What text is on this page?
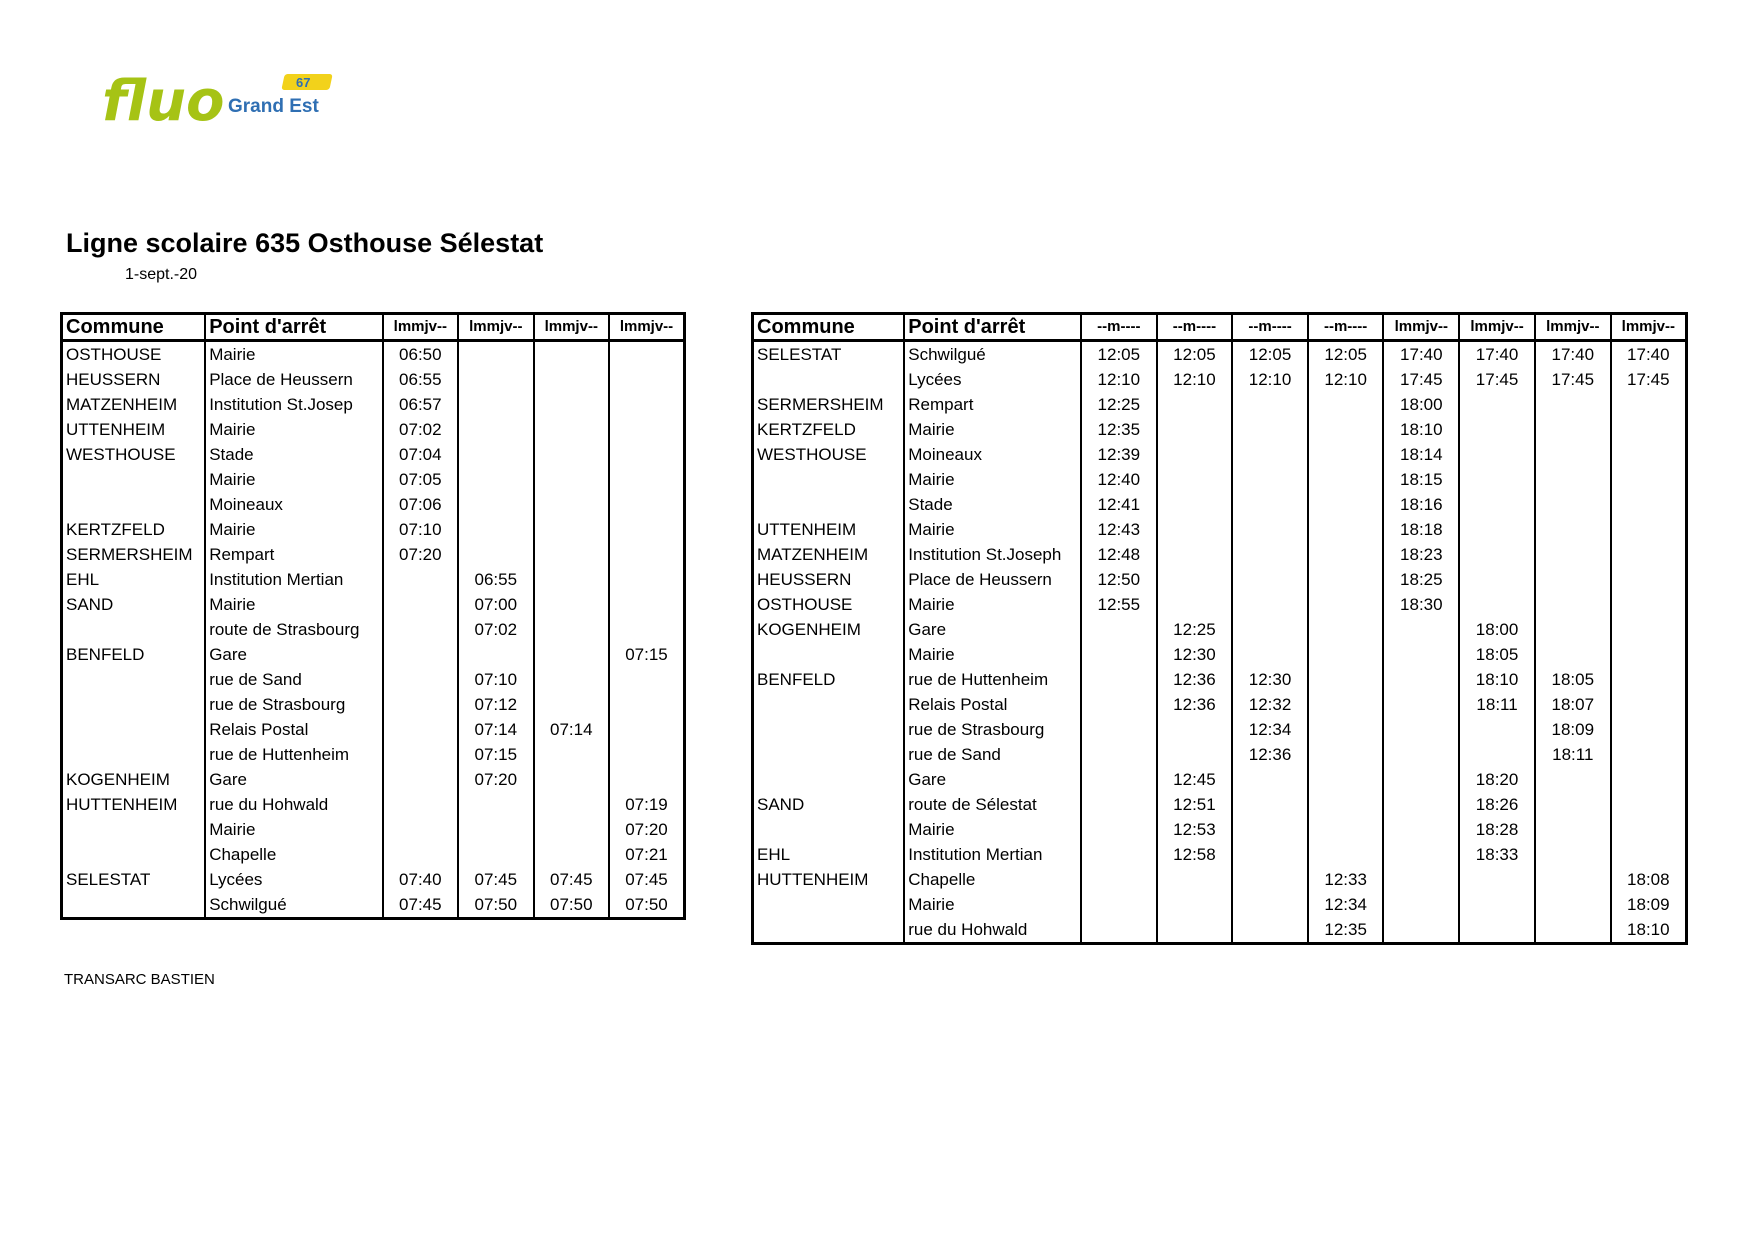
fluo	67
Grand Est
Ligne scolaire 635 Osthouse Sélestat
1-sept.-20
Commune	Point d'arrêt	lmmjv--	lmmjv--	lmmjv--	lmmjv--
OSTHOUSE	Mairie	06:50			
HEUSSERN	Place de Heussern	06:55			
MATZENHEIM	Institution St.Josep	06:57			
UTTENHEIM	Mairie	07:02			
WESTHOUSE	Stade	07:04			
	Mairie	07:05			
	Moineaux	07:06			
KERTZFELD	Mairie	07:10			
SERMERSHEIM	Rempart	07:20			
EHL	Institution Mertian		06:55		
SAND	Mairie		07:00		
	route de Strasbourg		07:02		
BENFELD	Gare				07:15
	rue de Sand		07:10		
	rue de Strasbourg		07:12		
	Relais Postal		07:14	07:14	
	rue de Huttenheim		07:15		
KOGENHEIM	Gare		07:20		
HUTTENHEIM	rue du Hohwald				07:19
	Mairie				07:20
	Chapelle				07:21
SELESTAT	Lycées	07:40	07:45	07:45	07:45
	Schwilgué	07:45	07:50	07:50	07:50
Commune	Point d'arrêt	--m----	--m----	--m----	--m----	lmmjv--	lmmjv--	lmmjv--	lmmjv--
SELESTAT	Schwilgué	12:05	12:05	12:05	12:05	17:40	17:40	17:40	17:40
	Lycées	12:10	12:10	12:10	12:10	17:45	17:45	17:45	17:45
SERMERSHEIM	Rempart	12:25				18:00			
KERTZFELD	Mairie	12:35				18:10			
WESTHOUSE	Moineaux	12:39				18:14			
	Mairie	12:40				18:15			
	Stade	12:41				18:16			
UTTENHEIM	Mairie	12:43				18:18			
MATZENHEIM	Institution St.Joseph	12:48				18:23			
HEUSSERN	Place de Heussern	12:50				18:25			
OSTHOUSE	Mairie	12:55				18:30			
KOGENHEIM	Gare		12:25				18:00		
	Mairie		12:30				18:05		
BENFELD	rue de Huttenheim		12:36	12:30			18:10	18:05	
	Relais Postal		12:36	12:32			18:11	18:07	
	rue de Strasbourg			12:34				18:09	
	rue de Sand			12:36				18:11	
	Gare		12:45				18:20		
SAND	route de Sélestat		12:51				18:26		
	Mairie		12:53				18:28		
EHL	Institution Mertian		12:58				18:33		
HUTTENHEIM	Chapelle				12:33				18:08
	Mairie				12:34				18:09
	rue du Hohwald				12:35				18:10
TRANSARC BASTIEN
